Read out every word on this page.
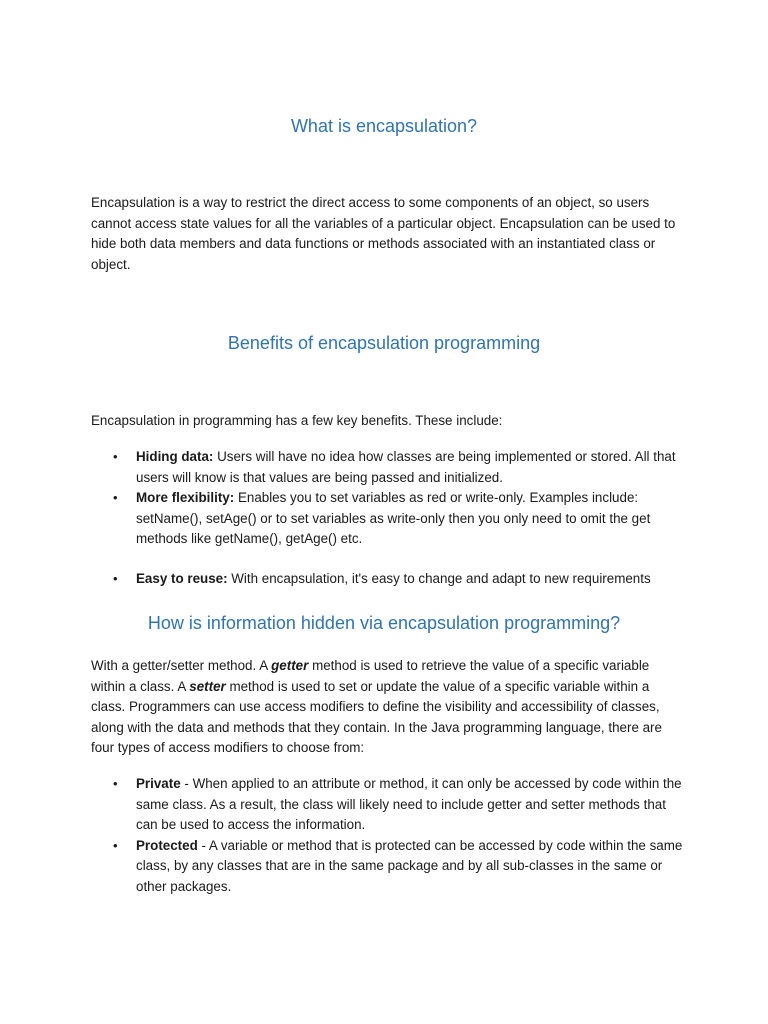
What is encapsulation?

Encapsulation is a way to restrict the direct access to some components of an object, so users cannot access state values for all the variables of a particular object. Encapsulation can be used to hide both data members and data functions or methods associated with an instantiated class or object.

Benefits of encapsulation programming

Encapsulation in programming has a few key benefits. These include:

• Hiding data: Users will have no idea how classes are being implemented or stored. All that users will know is that values are being passed and initialized.
• More flexibility: Enables you to set variables as red or write-only. Examples include: setName(), setAge() or to set variables as write-only then you only need to omit the get methods like getName(), getAge() etc.
• Easy to reuse: With encapsulation, it's easy to change and adapt to new requirements
How is information hidden via encapsulation programming?

With a getter/setter method. A getter method is used to retrieve the value of a specific variable within a class. A setter method is used to set or update the value of a specific variable within a class. Programmers can use access modifiers to define the visibility and accessibility of classes, along with the data and methods that they contain. In the Java programming language, there are four types of access modifiers to choose from:

• Private - When applied to an attribute or method, it can only be accessed by code within the same class. As a result, the class will likely need to include getter and setter methods that can be used to access the information.
• Protected - A variable or method that is protected can be accessed by code within the same class, by any classes that are in the same package and by all sub-classes in the same or other packages.
